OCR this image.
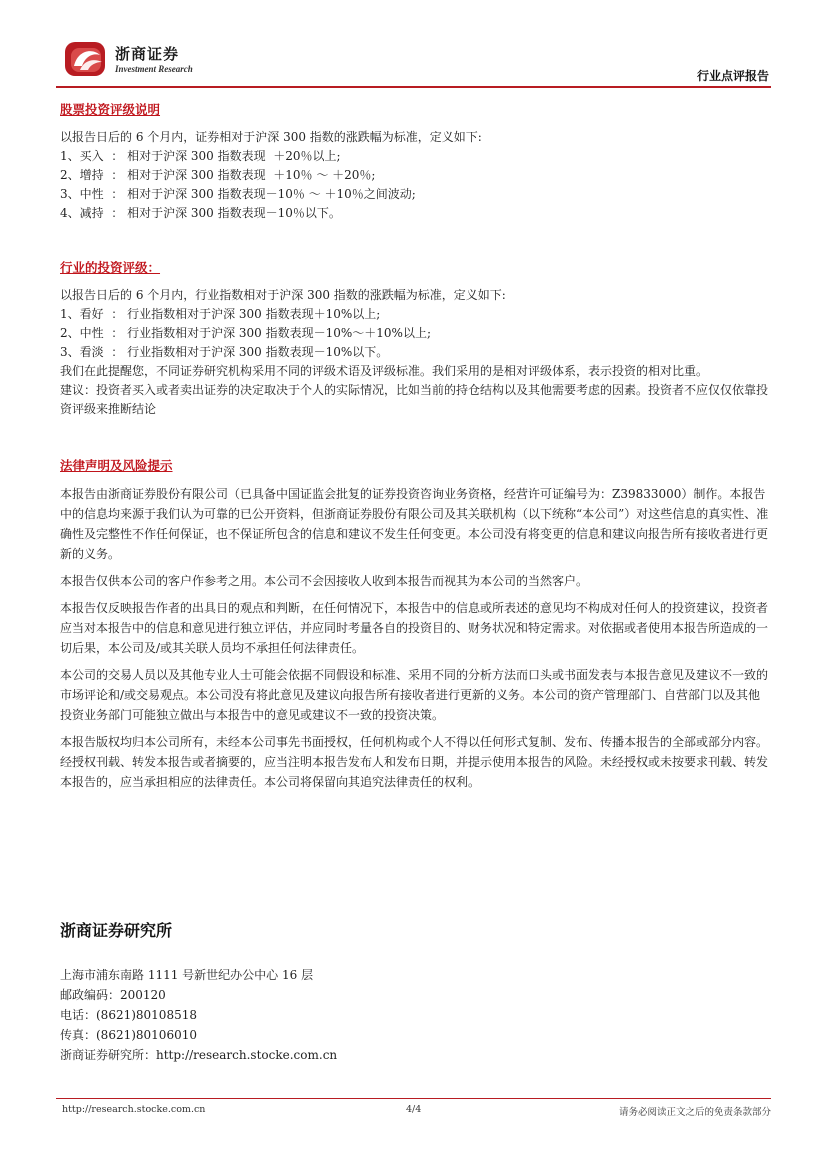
浙商证券
Investment Research	行业点评报告
股票投资评级说明

以报告日后的 6 个月内，证券相对于沪深 300 指数的涨跌幅为标准，定义如下:

1、买入  ： 相对于沪深 300 指数表现  ＋20％以上;

2、增持  ： 相对于沪深 300 指数表现  ＋10％ ～ ＋20％;

3、中性  ： 相对于沪深 300 指数表现－10％ ～ ＋10％之间波动;

4、减持  ： 相对于沪深 300 指数表现－10％以下。

行业的投资评级：

以报告日后的 6 个月内，行业指数相对于沪深 300 指数的涨跌幅为标准，定义如下:

1、看好  ： 行业指数相对于沪深 300 指数表现＋10%以上;

2、中性  ： 行业指数相对于沪深 300 指数表现－10%～＋10%以上;

3、看淡  ： 行业指数相对于沪深 300 指数表现－10%以下。

我们在此提醒您，不同证券研究机构采用不同的评级术语及评级标准。我们采用的是相对评级体系，表示投资的相对比重。

建议：投资者买入或者卖出证券的决定取决于个人的实际情况，比如当前的持仓结构以及其他需要考虑的因素。投资者不应仅仅依靠投资评级来推断结论

法律声明及风险提示

本报告由浙商证券股份有限公司（已具备中国证监会批复的证券投资咨询业务资格，经营许可证编号为：Z39833000）制作。本报告中的信息均来源于我们认为可靠的已公开资料，但浙商证券股份有限公司及其关联机构（以下统称“本公司”）对这些信息的真实性、准确性及完整性不作任何保证，也不保证所包含的信息和建议不发生任何变更。本公司没有将变更的信息和建议向报告所有接收者进行更新的义务。

本报告仅供本公司的客户作参考之用。本公司不会因接收人收到本报告而视其为本公司的当然客户。

本报告仅反映报告作者的出具日的观点和判断，在任何情况下，本报告中的信息或所表述的意见均不构成对任何人的投资建议，投资者应当对本报告中的信息和意见进行独立评估，并应同时考量各自的投资目的、财务状况和特定需求。对依据或者使用本报告所造成的一切后果，本公司及/或其关联人员均不承担任何法律责任。

本公司的交易人员以及其他专业人士可能会依据不同假设和标准、采用不同的分析方法而口头或书面发表与本报告意见及建议不一致的市场评论和/或交易观点。本公司没有将此意见及建议向报告所有接收者进行更新的义务。本公司的资产管理部门、自营部门以及其他投资业务部门可能独立做出与本报告中的意见或建议不一致的投资决策。

本报告版权均归本公司所有，未经本公司事先书面授权，任何机构或个人不得以任何形式复制、发布、传播本报告的全部或部分内容。经授权刊载、转发本报告或者摘要的，应当注明本报告发布人和发布日期，并提示使用本报告的风险。未经授权或未按要求刊载、转发本报告的，应当承担相应的法律责任。本公司将保留向其追究法律责任的权利。

浙商证券研究所

上海市浦东南路 1111 号新世纪办公中心 16 层

邮政编码：200120

电话：(8621)80108518

传真：(8621)80106010

浙商证券研究所：http://research.stocke.com.cn

http://research.stocke.com.cn	4/4	请务必阅读正文之后的免责条款部分
